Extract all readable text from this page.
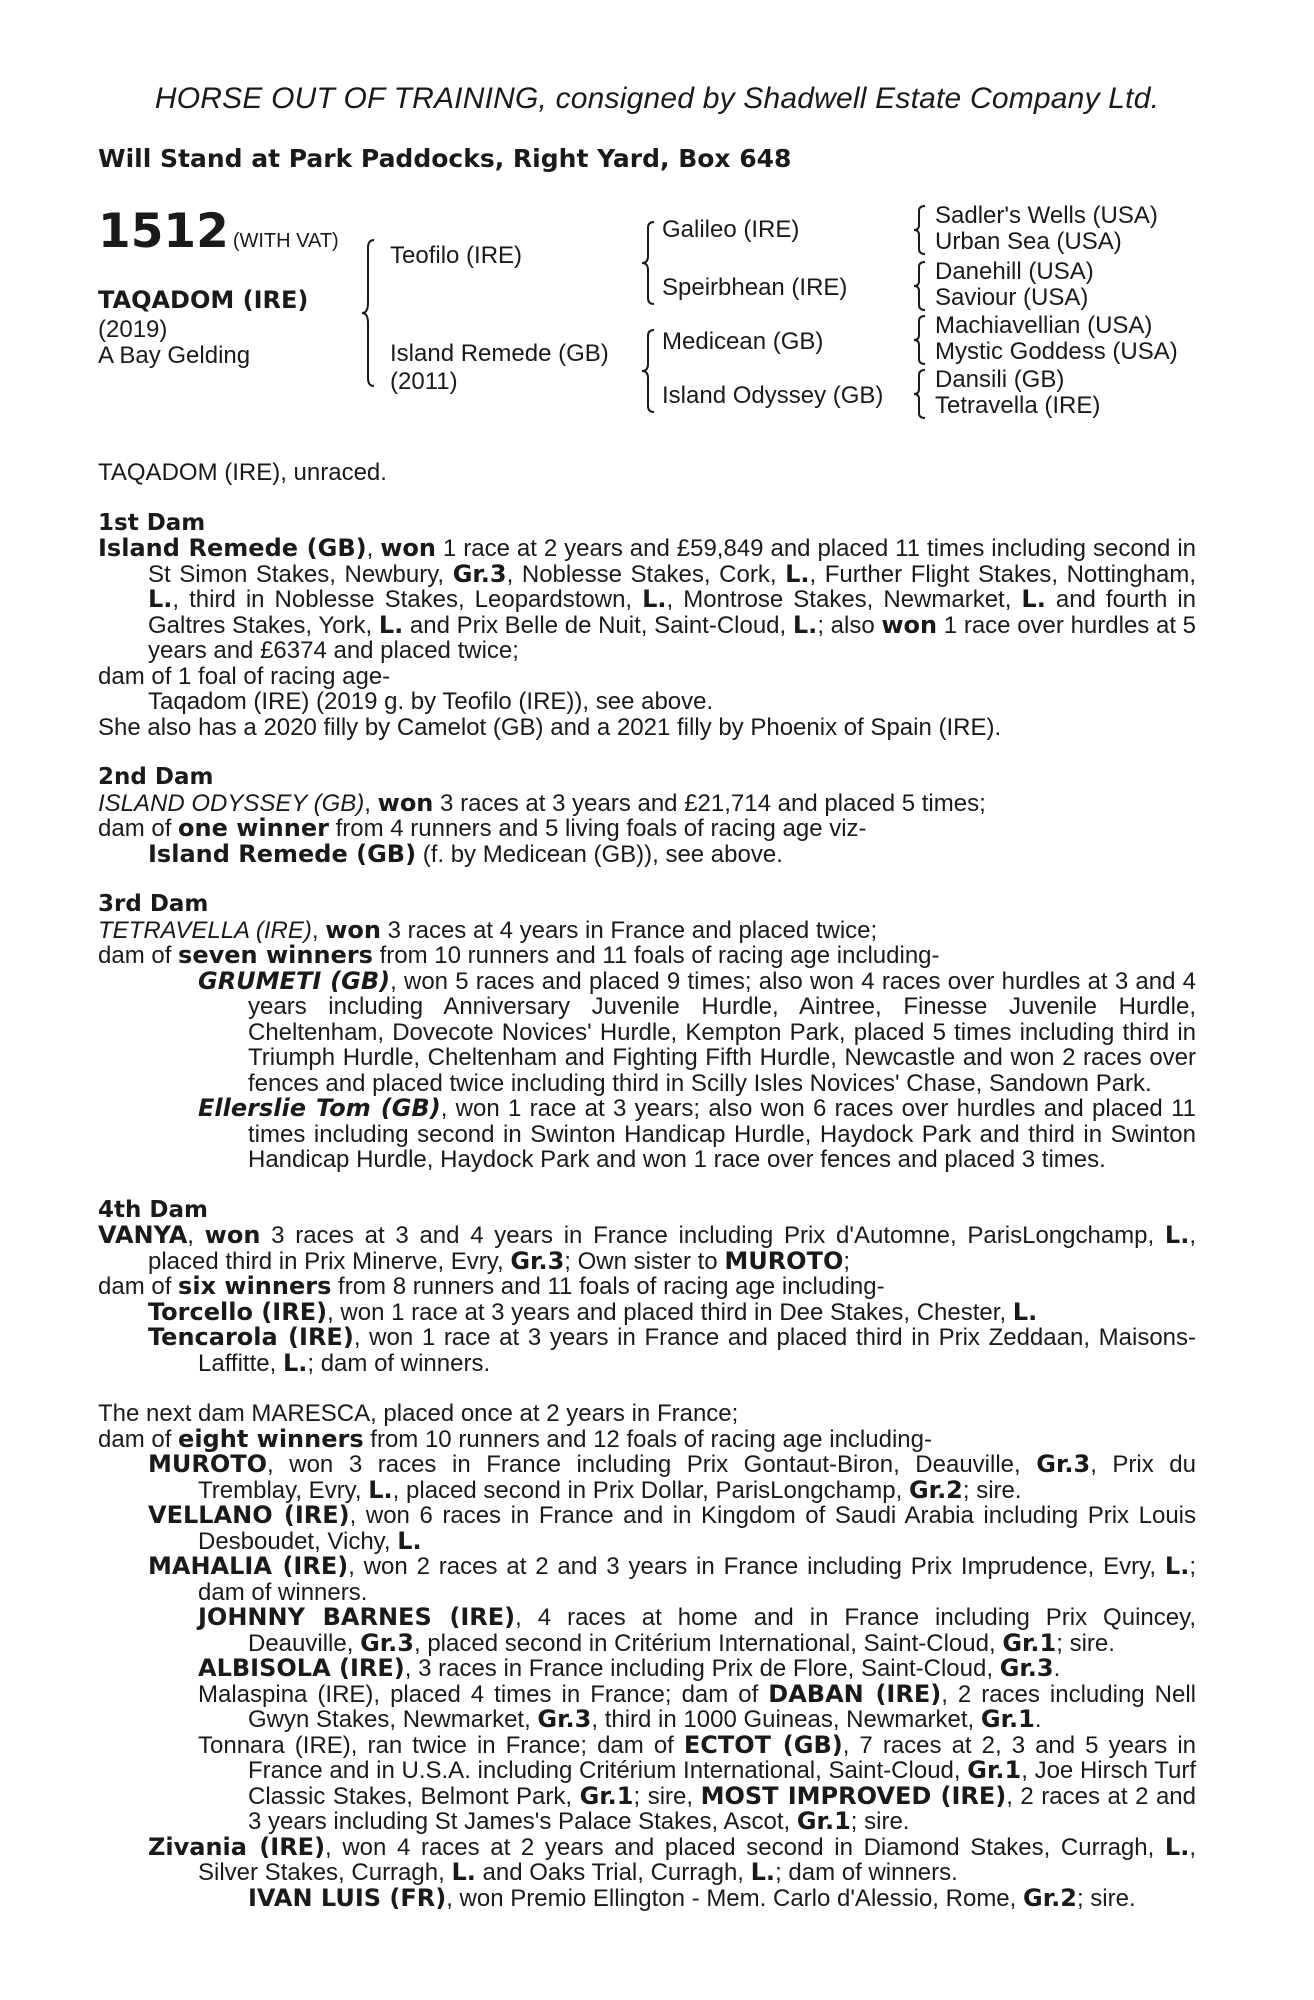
HORSE OUT OF TRAINING, consigned by Shadwell Estate Company Ltd.
Will Stand at Park Paddocks, Right Yard, Box 648
1512 (WITH VAT)
TAQADOM (IRE)
(2019)
A Bay Gelding
Teofilo (IRE)
Island Remede (GB)
(2011)
Galileo (IRE)
Speirbhean (IRE)
Medicean (GB)
Island Odyssey (GB)
Sadler's Wells (USA)
Urban Sea (USA)
Danehill (USA)
Saviour (USA)
Machiavellian (USA)
Mystic Goddess (USA)
Dansili (GB)
Tetravella (IRE)

TAQADOM (IRE), unraced.

1st Dam

Island Remede (GB), won 1 race at 2 years and £59,849 and placed 11 times including second in St Simon Stakes, Newbury, Gr.3, Noblesse Stakes, Cork, L., Further Flight Stakes, Nottingham, L., third in Noblesse Stakes, Leopardstown, L., Montrose Stakes, Newmarket, L. and fourth in Galtres Stakes, York, L. and Prix Belle de Nuit, Saint-Cloud, L.; also won 1 race over hurdles at 5 years and £6374 and placed twice;

dam of 1 foal of racing age-

Taqadom (IRE) (2019 g. by Teofilo (IRE)), see above.

She also has a 2020 filly by Camelot (GB) and a 2021 filly by Phoenix of Spain (IRE).

2nd Dam

ISLAND ODYSSEY (GB), won 3 races at 3 years and £21,714 and placed 5 times;

dam of one winner from 4 runners and 5 living foals of racing age viz-

Island Remede (GB) (f. by Medicean (GB)), see above.

3rd Dam

TETRAVELLA (IRE), won 3 races at 4 years in France and placed twice;

dam of seven winners from 10 runners and 11 foals of racing age including-

GRUMETI (GB), won 5 races and placed 9 times; also won 4 races over hurdles at 3 and 4 years including Anniversary Juvenile Hurdle, Aintree, Finesse Juvenile Hurdle, Cheltenham, Dovecote Novices' Hurdle, Kempton Park, placed 5 times including third in Triumph Hurdle, Cheltenham and Fighting Fifth Hurdle, Newcastle and won 2 races over fences and placed twice including third in Scilly Isles Novices' Chase, Sandown Park.

Ellerslie Tom (GB), won 1 race at 3 years; also won 6 races over hurdles and placed 11 times including second in Swinton Handicap Hurdle, Haydock Park and third in Swinton Handicap Hurdle, Haydock Park and won 1 race over fences and placed 3 times.

4th Dam

VANYA, won 3 races at 3 and 4 years in France including Prix d'Automne, ParisLongchamp, L., placed third in Prix Minerve, Evry, Gr.3; Own sister to MUROTO;

dam of six winners from 8 runners and 11 foals of racing age including-

Torcello (IRE), won 1 race at 3 years and placed third in Dee Stakes, Chester, L.

Tencarola (IRE), won 1 race at 3 years in France and placed third in Prix Zeddaan, Maisons-Laffitte, L.; dam of winners.

The next dam MARESCA, placed once at 2 years in France;

dam of eight winners from 10 runners and 12 foals of racing age including-

MUROTO, won 3 races in France including Prix Gontaut-Biron, Deauville, Gr.3, Prix du Tremblay, Evry, L., placed second in Prix Dollar, ParisLongchamp, Gr.2; sire.

VELLANO (IRE), won 6 races in France and in Kingdom of Saudi Arabia including Prix Louis Desboudet, Vichy, L.

MAHALIA (IRE), won 2 races at 2 and 3 years in France including Prix Imprudence, Evry, L.; dam of winners.

JOHNNY BARNES (IRE), 4 races at home and in France including Prix Quincey, Deauville, Gr.3, placed second in Critérium International, Saint-Cloud, Gr.1; sire.

ALBISOLA (IRE), 3 races in France including Prix de Flore, Saint-Cloud, Gr.3.

Malaspina (IRE), placed 4 times in France; dam of DABAN (IRE), 2 races including Nell Gwyn Stakes, Newmarket, Gr.3, third in 1000 Guineas, Newmarket, Gr.1.

Tonnara (IRE), ran twice in France; dam of ECTOT (GB), 7 races at 2, 3 and 5 years in France and in U.S.A. including Critérium International, Saint-Cloud, Gr.1, Joe Hirsch Turf Classic Stakes, Belmont Park, Gr.1; sire, MOST IMPROVED (IRE), 2 races at 2 and 3 years including St James's Palace Stakes, Ascot, Gr.1; sire.

Zivania (IRE), won 4 races at 2 years and placed second in Diamond Stakes, Curragh, L., Silver Stakes, Curragh, L. and Oaks Trial, Curragh, L.; dam of winners.

IVAN LUIS (FR), won Premio Ellington - Mem. Carlo d'Alessio, Rome, Gr.2; sire.
